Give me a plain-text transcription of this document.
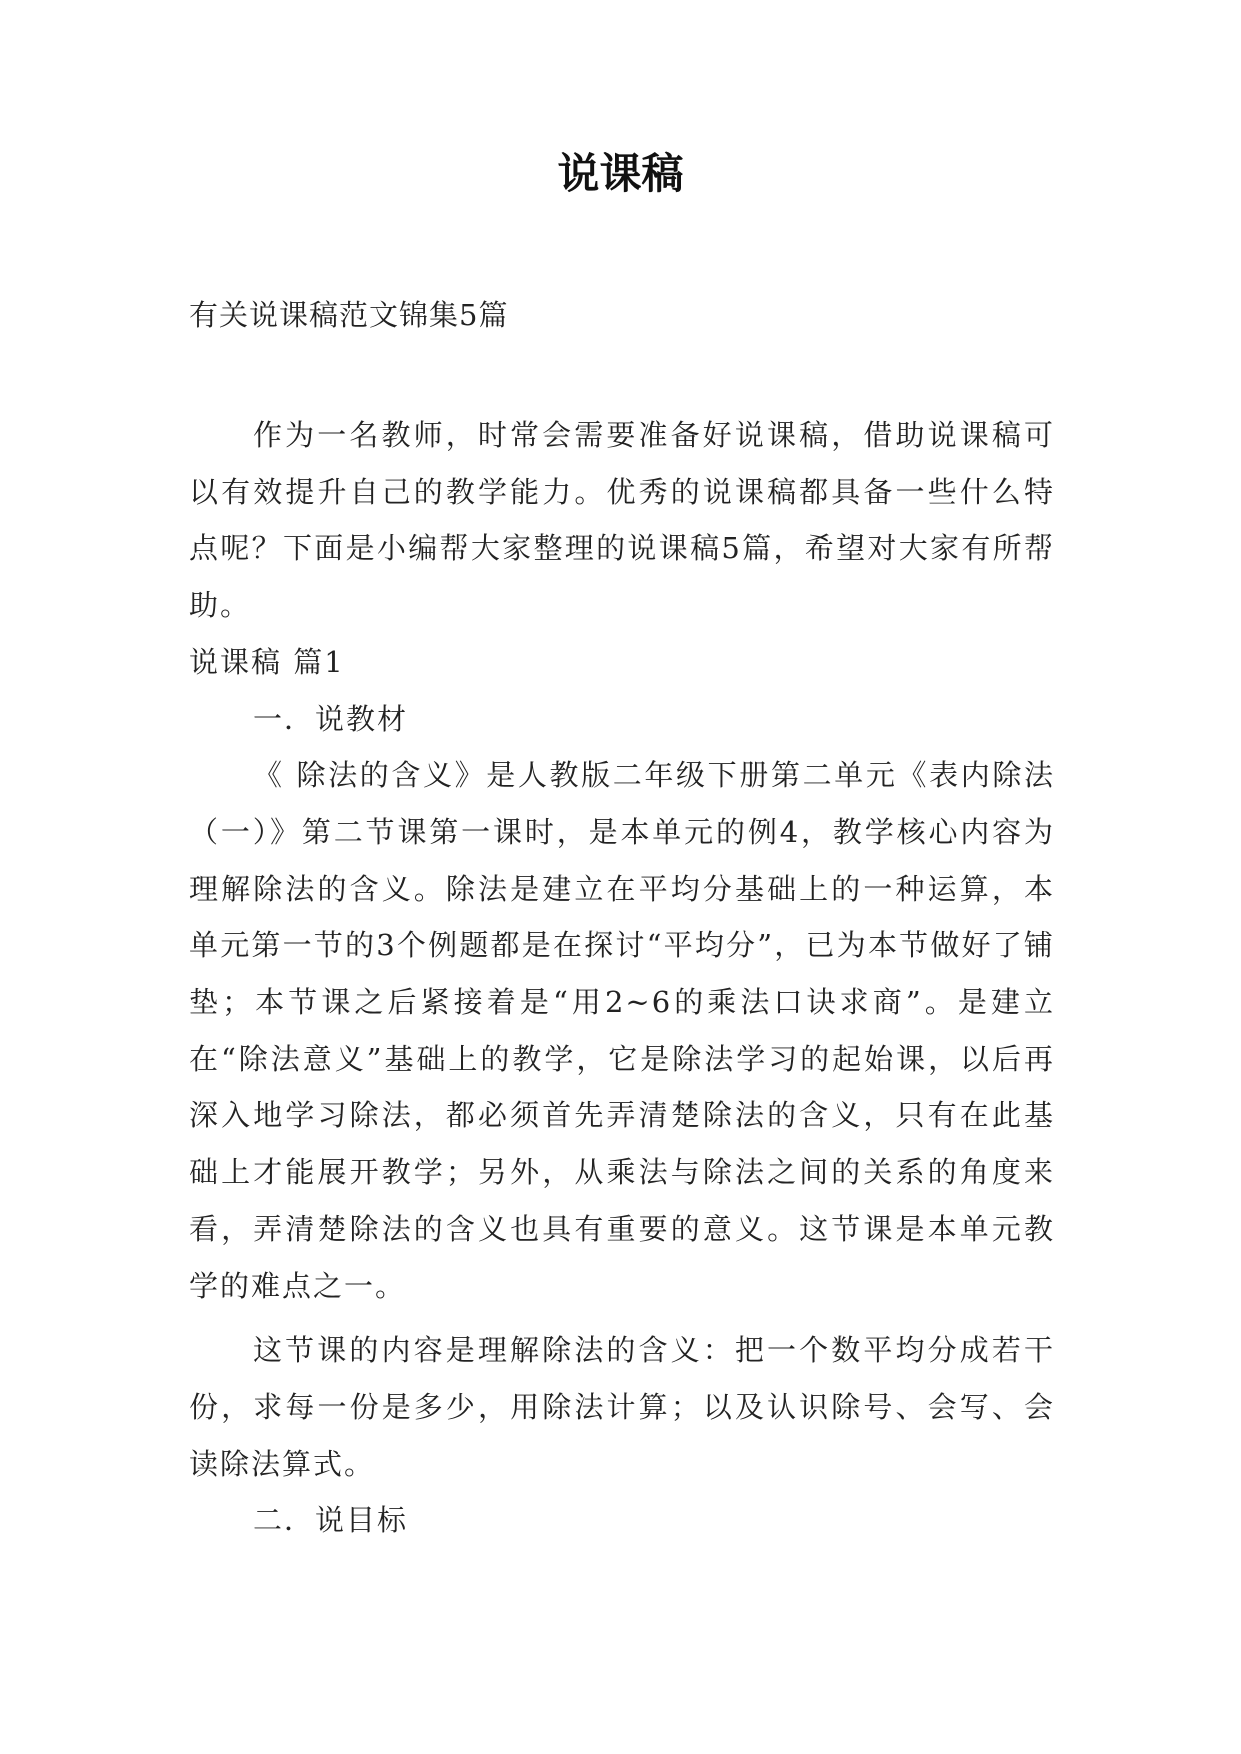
说课稿
有关说课稿范文锦集5篇

作为一名教师，时常会需要准备好说课稿，借助说课稿可以有效提升自己的教学能力。优秀的说课稿都具备一些什么特点呢？下面是小编帮大家整理的说课稿5篇，希望对大家有所帮助。

说课稿 篇1

一．说教材

《 除法的含义》是人教版二年级下册第二单元《表内除法（一）》第二节课第一课时，是本单元的例4，教学核心内容为理解除法的含义。除法是建立在平均分基础上的一种运算，本单元第一节的3个例题都是在探讨“平均分”，已为本节做好了铺垫；本节课之后紧接着是“用2~6的乘法口诀求商”。是建立在“除法意义”基础上的教学，它是除法学习的起始课，以后再深入地学习除法，都必须首先弄清楚除法的含义，只有在此基础上才能展开教学；另外，从乘法与除法之间的关系的角度来看，弄清楚除法的含义也具有重要的意义。这节课是本单元教学的难点之一。

这节课的内容是理解除法的含义：把一个数平均分成若干份，求每一份是多少，用除法计算；以及认识除号、会写、会读除法算式。

二．说目标
